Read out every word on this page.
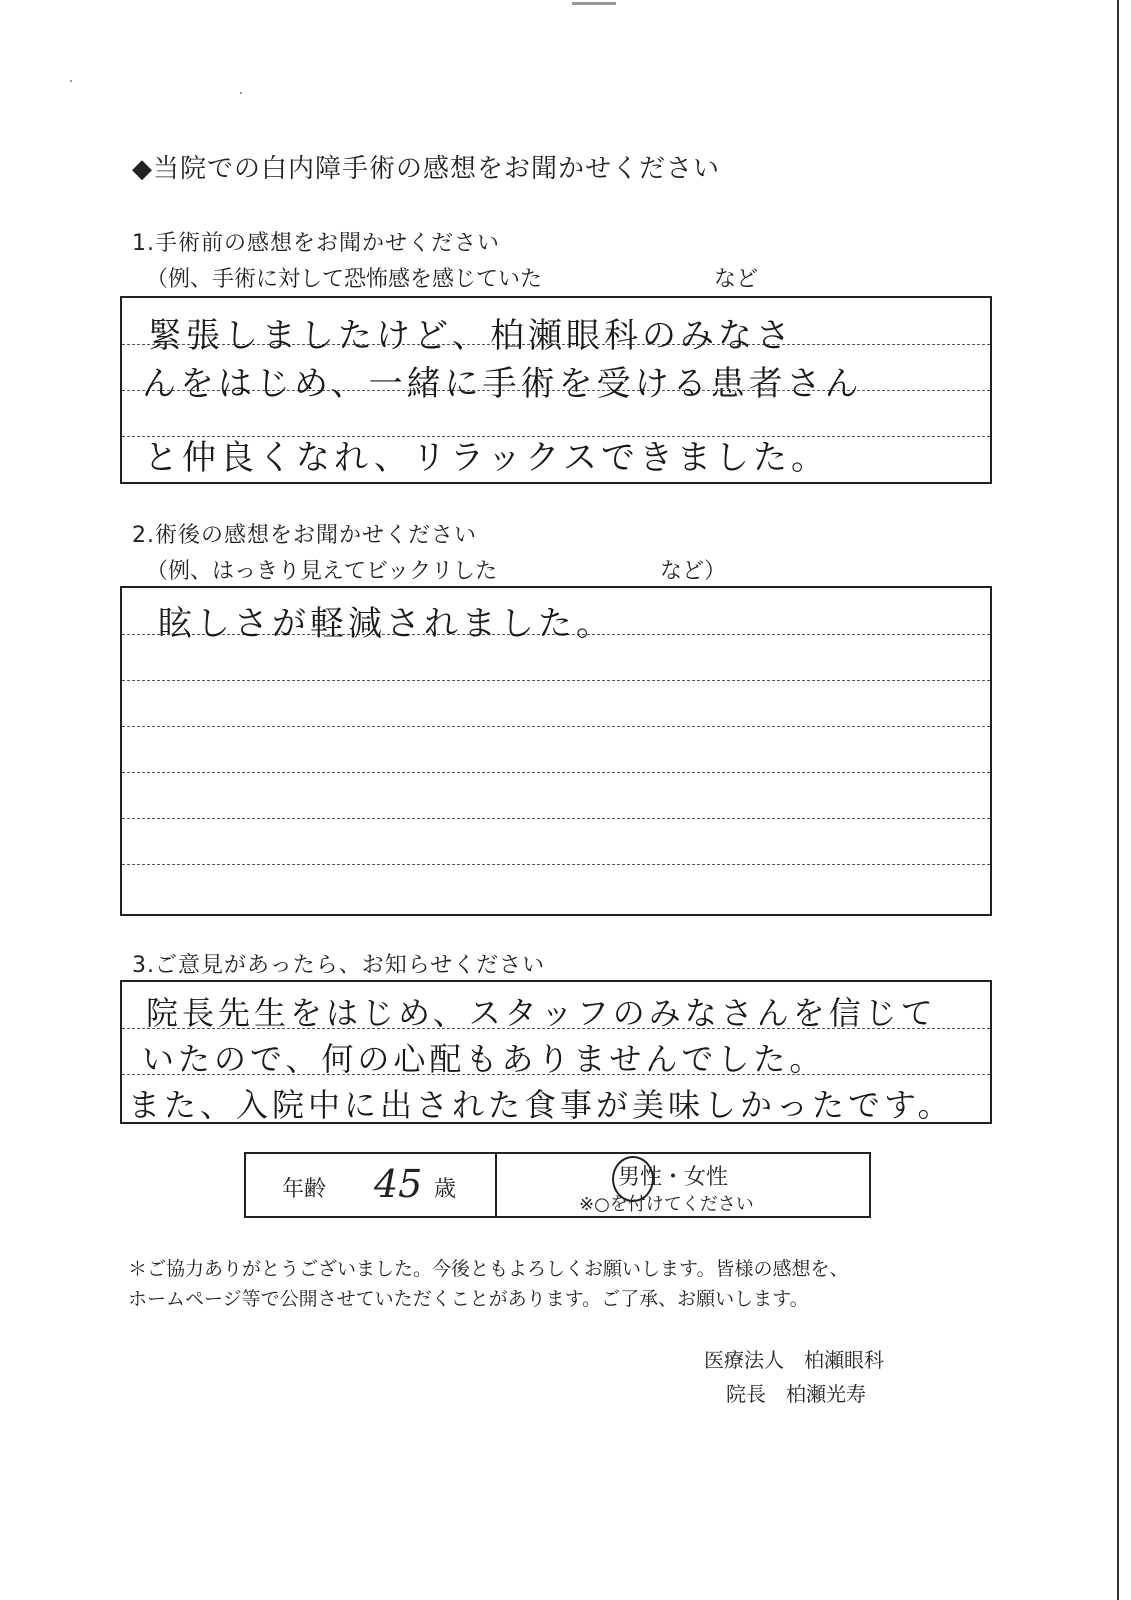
◆当院での白内障手術の感想をお聞かせください
1.手術前の感想をお聞かせください
（例、手術に対して恐怖感を感じていた	など
緊張しましたけど、柏瀬眼科のみなさ
んをはじめ、一緒に手術を受ける患者さん
と仲良くなれ、リラックスできました。
2.術後の感想をお聞かせください
（例、はっきり見えてビックリした	など）
眩しさが軽減されました。
3.ご意見があったら、お知らせください
院長先生をはじめ、スタッフのみなさんを信じて
いたので、何の心配もありませんでした。
また、入院中に出された食事が美味しかったです。
年齢 45 歳	男性・女性
※○を付けてください
＊ご協力ありがとうございました。今後ともよろしくお願いします。皆様の感想を、
ホームページ等で公開させていただくことがあります。ご了承、お願いします。
医療法人　柏瀬眼科
院長　柏瀬光寿
